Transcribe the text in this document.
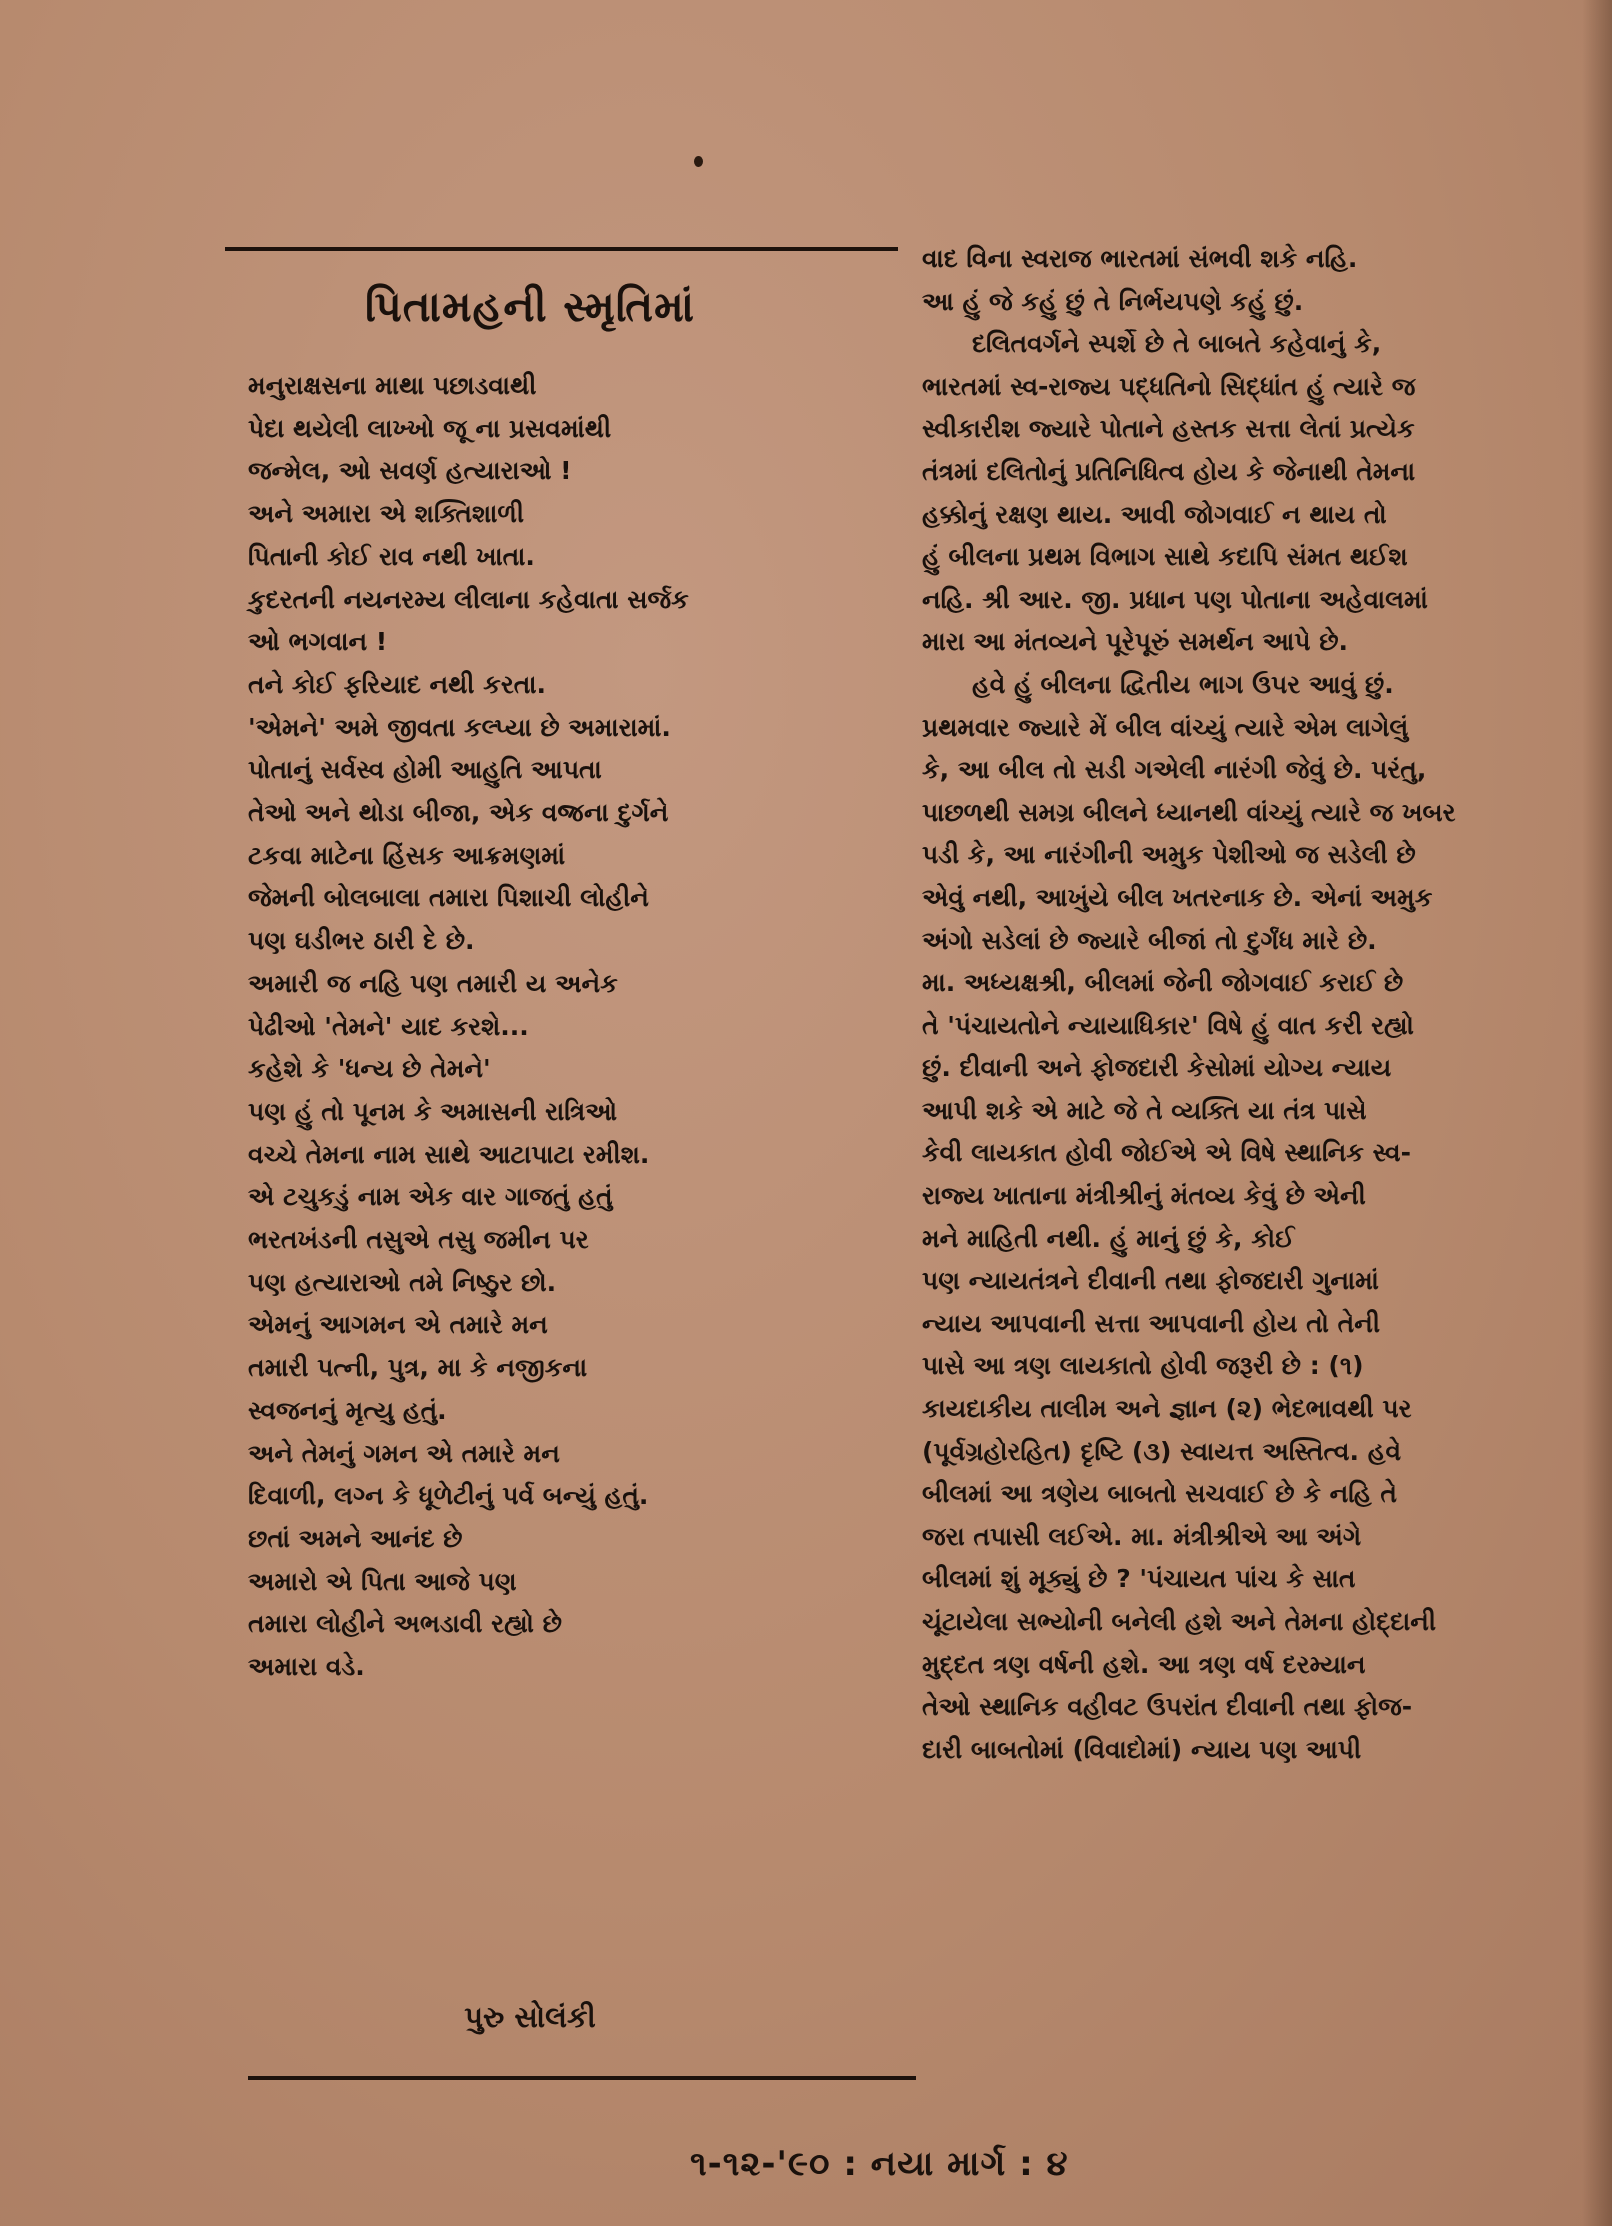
પિતામહની સ્મૃતિમાં
મનુરાક્ષસના માથા પછાડવાથી
પેદા થયેલી લાખ્ખો જૂ ના પ્રસવમાંથી
જન્મેલ, ઓ સવર્ણ હત્યારાઓ !
અને અમારા એ શક્તિશાળી
પિતાની કોઈ રાવ નથી ખાતા.
કુદરતની નયનરમ્ય લીલાના કહેવાતા સર્જક
ઓ ભગવાન !
તને કોઈ ફરિયાદ નથી કરતા.
'એમને' અમે જીવતા કલ્પ્યા છે અમારામાં.
પોતાનું સર્વસ્વ હોમી આહુતિ આપતા
તેઓ અને થોડા બીજા, એક વજ્રના દુર્ગને
ટકવા માટેના હિંસક આક્રમણમાં
જેમની બોલબાલા તમારા પિશાચી લોહીને
પણ ઘડીભર ઠારી દે છે.
અમારી જ નહિ પણ તમારી ય અનેક
પેઢીઓ 'તેમને' યાદ કરશે...
કહેશે કે 'ધન્ય છે તેમને'
પણ હું તો પૂનમ કે અમાસની રાત્રિઓ
વચ્ચે તેમના નામ સાથે આટાપાટા રમીશ.
એ ટચુકડું નામ એક વાર ગાજતું હતું
ભરતખંડની તસુએ તસુ જમીન પર
પણ હત્યારાઓ તમે નિષ્ઠુર છો.
એમનું આગમન એ તમારે મન
તમારી પત્ની, પુત્ર, મા કે નજીકના
સ્વજનનું મૃત્યુ હતું.
અને તેમનું ગમન એ તમારે મન
દિવાળી, લગ્ન કે ધૂળેટીનું પર્વ બન્યું હતું.
છતાં અમને આનંદ છે
અમારો એ પિતા આજે પણ
તમારા લોહીને અભડાવી રહ્યો છે
અમારા વડે.
પુરુ સોલંકી
વાદ વિના સ્વરાજ ભારતમાં સંભવી શકે નહિ.
આ હું જે કહું છું તે નિર્ભયપણે કહું છું.
  દલિતવર્ગને સ્પર્શે છે તે બાબતે કહેવાનું કે,
ભારતમાં સ્વ-રાજ્ય પદ્ધતિનો સિદ્ધાંત હું ત્યારે જ
સ્વીકારીશ જ્યારે પોતાને હસ્તક સત્તા લેતાં પ્રત્યેક
તંત્રમાં દલિતોનું પ્રતિનિધિત્વ હોય કે જેનાથી તેમના
હક્કોનું રક્ષણ થાય. આવી જોગવાઈ ન થાય તો
હું બીલના પ્રથમ વિભાગ સાથે કદાપિ સંમત થઈશ
નહિ. શ્રી આર. જી. પ્રધાન પણ પોતાના અહેવાલમાં
મારા આ મંતવ્યને પૂરેપૂરું સમર્થન આપે છે.
  હવે હું બીલના દ્વિતીય ભાગ ઉપર આવું છું.
પ્રથમવાર જ્યારે મેં બીલ વાંચ્યું ત્યારે એમ લાગેલું
કે, આ બીલ તો સડી ગએલી નારંગી જેવું છે. પરંતુ,
પાછળથી સમગ્ર બીલને ધ્યાનથી વાંચ્યું ત્યારે જ ખબર
પડી કે, આ નારંગીની અમુક પેશીઓ જ સડેલી છે
એવું નથી, આખુંયે બીલ ખતરનાક છે. એનાં અમુક
અંગો સડેલાં છે જ્યારે બીજાં તો દુર્ગંધ મારે છે.
મા. અધ્યક્ષશ્રી, બીલમાં જેની જોગવાઈ કરાઈ છે
તે 'પંચાયતોને ન્યાયાધિકાર' વિષે હું વાત કરી રહ્યો
છું. દીવાની અને ફોજદારી કેસોમાં યોગ્ય ન્યાય
આપી શકે એ માટે જે તે વ્યક્તિ યા તંત્ર પાસે
કેવી લાયકાત હોવી જોઈએ એ વિષે સ્થાનિક સ્વ-
રાજ્ય ખાતાના મંત્રીશ્રીનું મંતવ્ય કેવું છે એની
મને માહિતી નથી. હું માનું છું કે, કોઈ
પણ ન્યાયતંત્રને દીવાની તથા ફોજદારી ગુનામાં
ન્યાય આપવાની સત્તા આપવાની હોય તો તેની
પાસે આ ત્રણ લાયકાતો હોવી જરૂરી છે : (૧)
કાયદાકીય તાલીમ અને જ્ઞાન (૨) ભેદભાવથી પર
(પૂર્વગ્રહોરહિત) દૃષ્ટિ (૩) સ્વાયત્ત અસ્તિત્વ. હવે
બીલમાં આ ત્રણેય બાબતો સચવાઈ છે કે નહિ તે
જરા તપાસી લઈએ. મા. મંત્રીશ્રીએ આ અંગે
બીલમાં શું મૂક્યું છે ? 'પંચાયત પાંચ કે સાત
ચૂંટાયેલા સભ્યોની બનેલી હશે અને તેમના હોદ્દાની
મુદ્દત ત્રણ વર્ષની હશે. આ ત્રણ વર્ષ દરમ્યાન
તેઓ સ્થાનિક વહીવટ ઉપરાંત દીવાની તથા ફોજ-
દારી બાબતોમાં (વિવાદોમાં) ન્યાય પણ આપી
૧-૧૨-'૯૦ : નયા માર્ગ : ૪
